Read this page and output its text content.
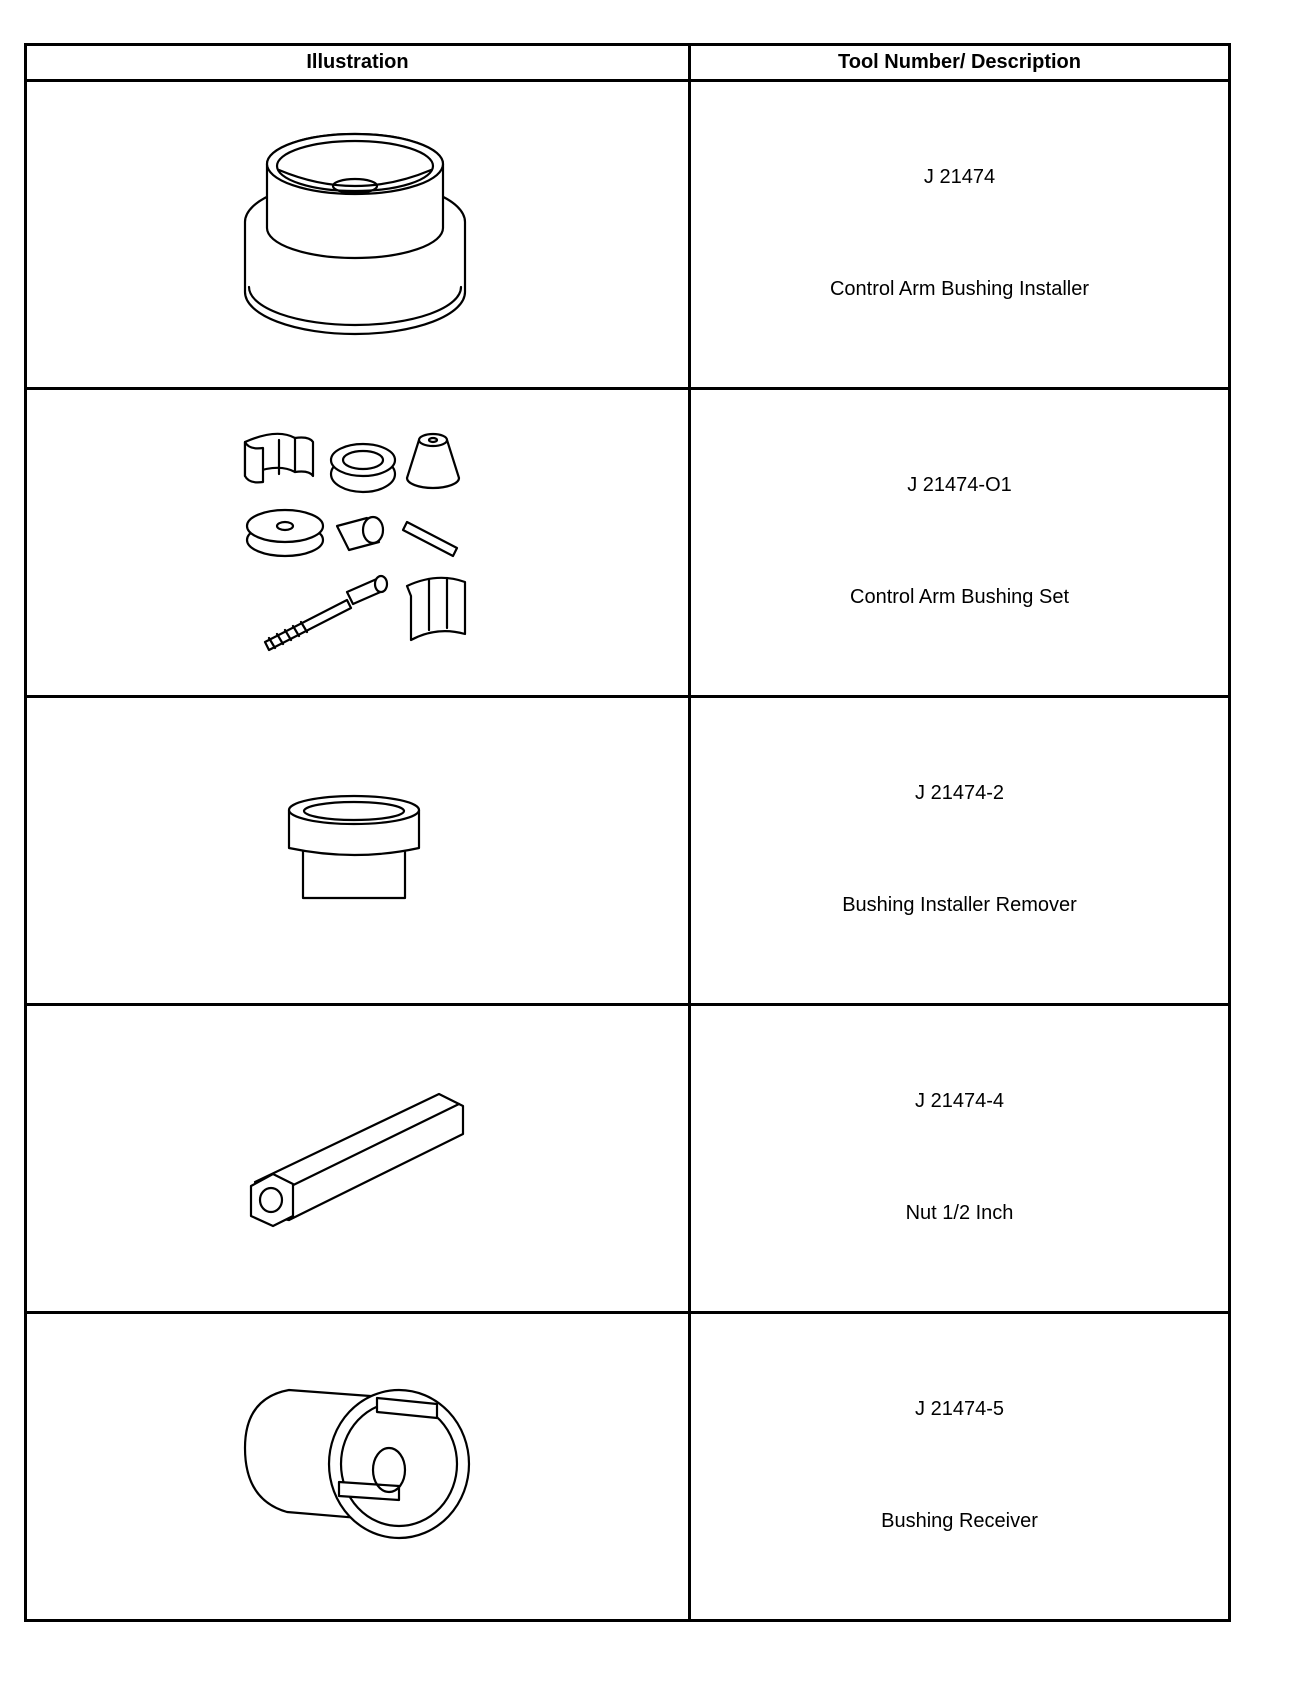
Illustration	Tool Number/ Description

J 21474
Control Arm Bushing Installer

J 21474-O1
Control Arm Bushing Set

J 21474-2
Bushing Installer Remover

J 21474-4
Nut 1/2 Inch

J 21474-5
Bushing Receiver
